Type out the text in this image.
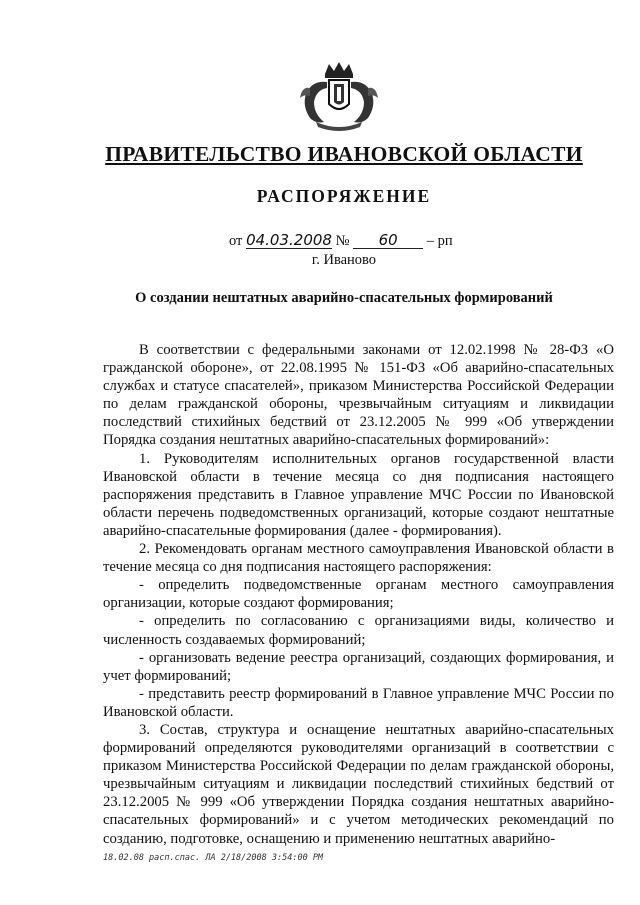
ПРАВИТЕЛЬСТВО ИВАНОВСКОЙ ОБЛАСТИ
РАСПОРЯЖЕНИЕ
от 04.03.2008 № 60 – рп
г. Иваново
О создании нештатных аварийно-спасательных формирований

В соответствии с федеральными законами от 12.02.1998 № 28-ФЗ «О гражданской обороне», от 22.08.1995 № 151-ФЗ «Об аварийно-спасательных службах и статусе спасателей», приказом Министерства Российской Федерации по делам гражданской обороны, чрезвычайным ситуациям и ликвидации последствий стихийных бедствий от 23.12.2005 № 999 «Об утверждении Порядка создания нештатных аварийно-спасательных формирований»:

1. Руководителям исполнительных органов государственной власти Ивановской области в течение месяца со дня подписания настоящего распоряжения представить в Главное управление МЧС России по Ивановской области перечень подведомственных организаций, которые создают нештатные аварийно-спасательные формирования (далее - формирования).

2. Рекомендовать органам местного самоуправления Ивановской области в течение месяца со дня подписания настоящего распоряжения:

- определить подведомственные органам местного самоуправления организации, которые создают формирования;

- определить по согласованию с организациями виды, количество и численность создаваемых формирований;

- организовать ведение реестра организаций, создающих формирования, и учет формирований;

- представить реестр формирований в Главное управление МЧС России по Ивановской области.

3. Состав, структура и оснащение нештатных аварийно-спасательных формирований определяются руководителями организаций в соответствии с приказом Министерства Российской Федерации по делам гражданской обороны, чрезвычайным ситуациям и ликвидации последствий стихийных бедствий от 23.12.2005 № 999 «Об утверждении Порядка создания нештатных аварийно-спасательных формирований» и с учетом методических рекомендаций по созданию, подготовке, оснащению и применению нештатных аварийно-

18.02.08 расп.спас. ЛА 2/18/2008 3:54:00 PM
